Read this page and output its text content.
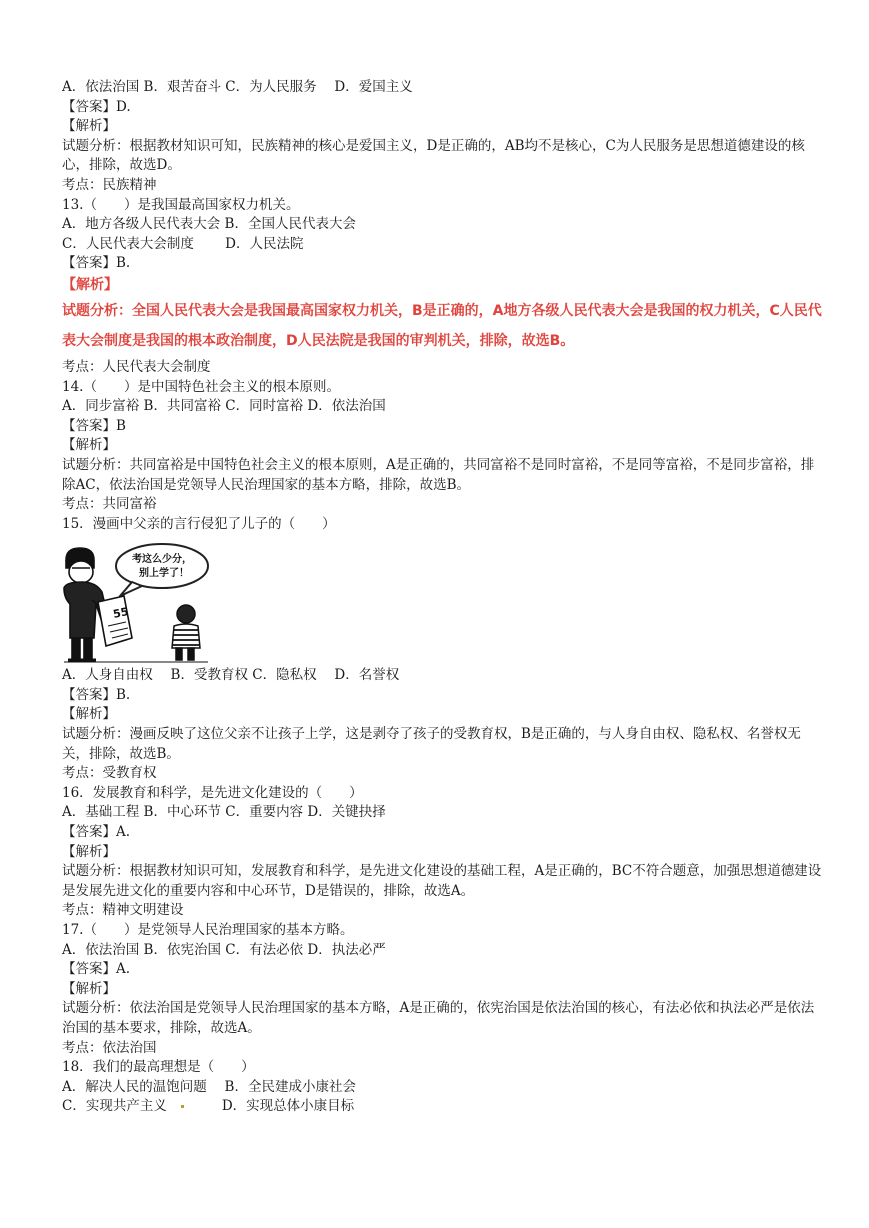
A．依法治国 B．艰苦奋斗 C．为人民服务　 D．爱国主义
【答案】D.
【解析】
试题分析：根据教材知识可知，民族精神的核心是爱国主义，D是正确的，AB均不是核心，C为人民服务是思想道德建设的核心，排除，故选D。
考点：民族精神
13.（　　）是我国最高国家权力机关。
A．地方各级人民代表大会 B．全国人民代表大会
C．人民代表大会制度　　 D．人民法院
【答案】B.
【解析】
试题分析：全国人民代表大会是我国最高国家权力机关，B是正确的，A地方各级人民代表大会是我国的权力机关，C人民代表大会制度是我国的根本政治制度，D人民法院是我国的审判机关，排除，故选B。
考点：人民代表大会制度
14.（　　）是中国特色社会主义的根本原则。
A．同步富裕 B．共同富裕 C．同时富裕 D．依法治国
【答案】B
【解析】
试题分析：共同富裕是中国特色社会主义的根本原则，A是正确的，共同富裕不是同时富裕，不是同等富裕，不是同步富裕，排除AC，依法治国是党领导人民治理国家的基本方略，排除，故选B。
考点：共同富裕
15．漫画中父亲的言行侵犯了儿子的（　　）
考这么少分，
别上学了！
55
A．人身自由权　 B．受教育权 C．隐私权　 D．名誉权
【答案】B.
【解析】
试题分析：漫画反映了这位父亲不让孩子上学，这是剥夺了孩子的受教育权，B是正确的，与人身自由权、隐私权、名誉权无关，排除，故选B。
考点：受教育权
16．发展教育和科学，是先进文化建设的（　　）
A．基础工程 B．中心环节 C．重要内容 D．关键抉择
【答案】A.
【解析】
试题分析：根据教材知识可知，发展教育和科学，是先进文化建设的基础工程，A是正确的，BC不符合题意，加强思想道德建设是发展先进文化的重要内容和中心环节，D是错误的，排除，故选A。
考点：精神文明建设
17.（　　）是党领导人民治理国家的基本方略。
A．依法治国 B．依宪治国 C．有法必依 D．执法必严
【答案】A.
【解析】
试题分析：依法治国是党领导人民治理国家的基本方略，A是正确的，依宪治国是依法治国的核心，有法必依和执法必严是依法治国的基本要求，排除，故选A。
考点：依法治国
18．我们的最高理想是（　　）
A．解决人民的温饱问题　 B．全民建成小康社会
C．实现共产主义	D．实现总体小康目标
